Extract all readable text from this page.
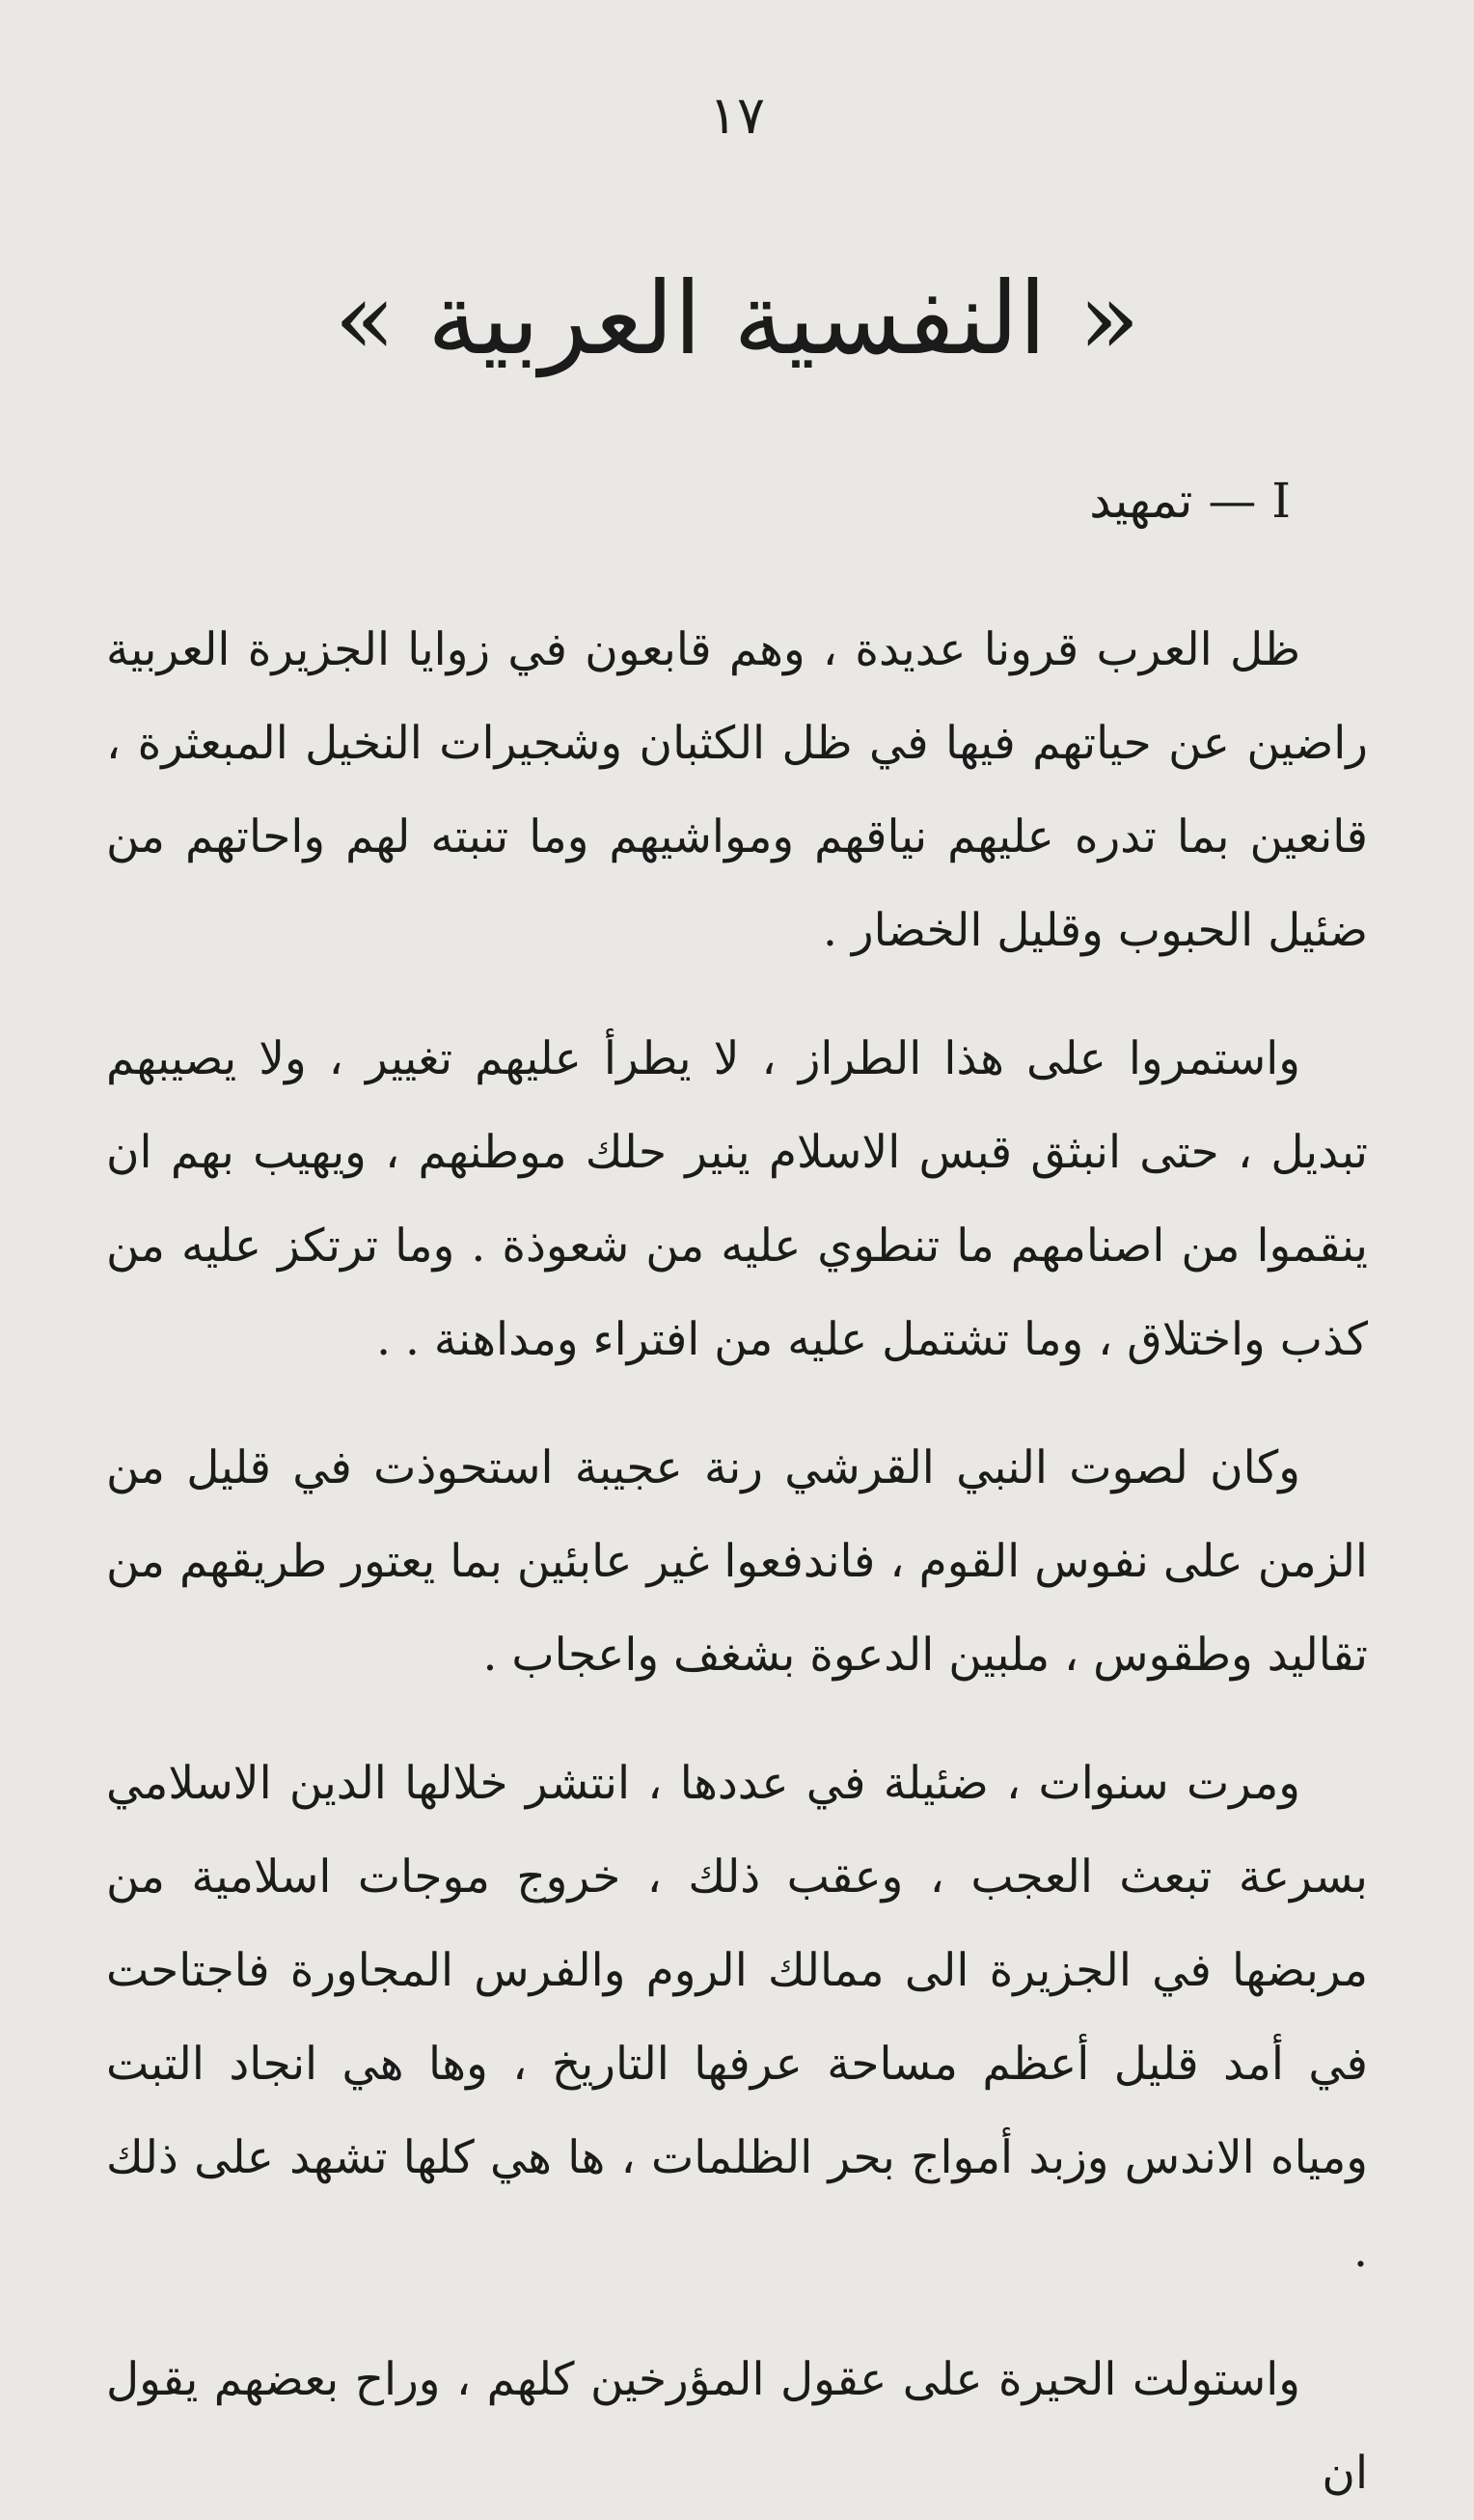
١٧
« النفسية العربية »
I — تمهيد

ظل العرب قرونا عديدة ، وهم قابعون في زوايا الجزيرة العربية راضين عن حياتهم فيها في ظل الكثبان وشجيرات النخيل المبعثرة ، قانعين بما تدره عليهم نياقهم ومواشيهم وما تنبته لهم واحاتهم من ضئيل الحبوب وقليل الخضار .

واستمروا على هذا الطراز ، لا يطرأ عليهم تغيير ، ولا يصيبهم تبديل ، حتى انبثق قبس الاسلام ينير حلك موطنهم ، ويهيب بهم ان ينقموا من اصنامهم ما تنطوي عليه من شعوذة . وما ترتكز عليه من كذب واختلاق ، وما تشتمل عليه من افتراء ومداهنة . .

وكان لصوت النبي القرشي رنة عجيبة استحوذت في قليل من الزمن على نفوس القوم ، فاندفعوا غير عابئين بما يعتور طريقهم من تقاليد وطقوس ، ملبين الدعوة بشغف واعجاب .

ومرت سنوات ، ضئيلة في عددها ، انتشر خلالها الدين الاسلامي بسرعة تبعث العجب ، وعقب ذلك ، خروج موجات اسلامية من مربضها في الجزيرة الى ممالك الروم والفرس المجاورة فاجتاحت في أمد قليل أعظم مساحة عرفها التاريخ ، وها هي انجاد التبت ومياه الاندس وزبد أمواج بحر الظلمات ، ها هي كلها تشهد على ذلك .

واستولت الحيرة على عقول المؤرخين كلهم ، وراح بعضهم يقول ان
